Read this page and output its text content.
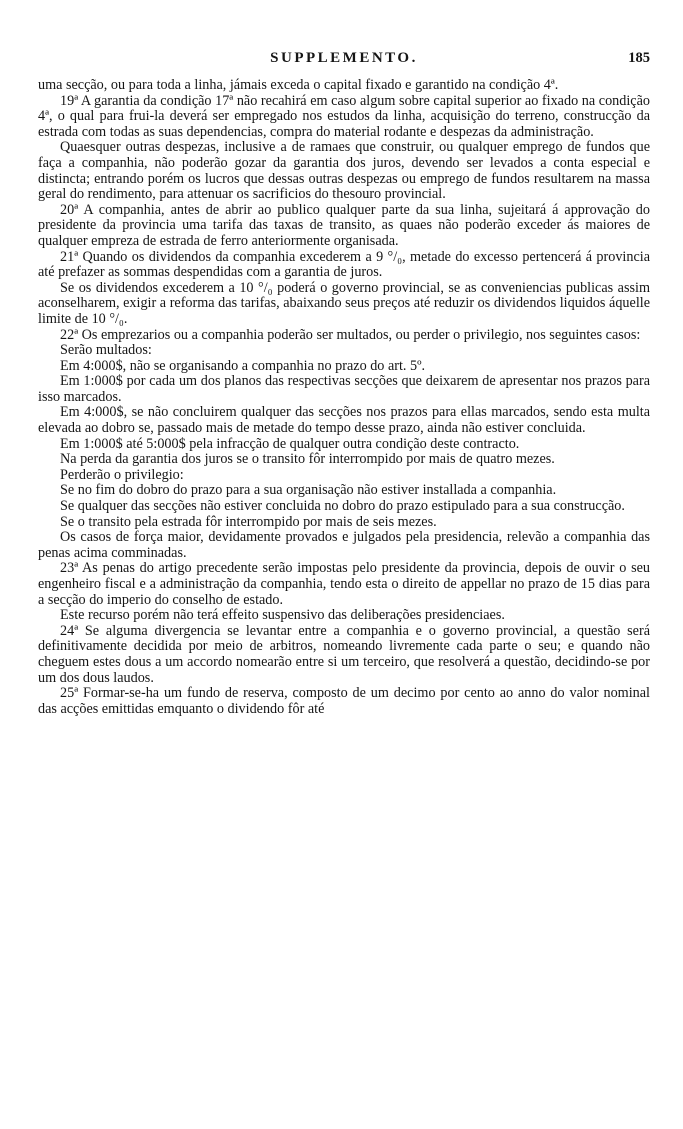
SUPPLEMENTO.	185

uma secção, ou para toda a linha, jámais exceda o capital fixado e garantido na condição 4ª.

19ª A garantia da condição 17ª não recahirá em caso algum sobre capital superior ao fixado na condição 4ª, o qual para frui-la deverá ser empregado nos estudos da linha, acquisição do terreno, construcção da estrada com todas as suas dependencias, compra do material rodante e despezas da administração.

Quaesquer outras despezas, inclusive a de ramaes que construir, ou qualquer emprego de fundos que faça a companhia, não poderão gozar da garantia dos juros, devendo ser levados a conta especial e distincta; entrando porém os lucros que dessas outras despezas ou emprego de fundos resultarem na massa geral do rendimento, para attenuar os sacrificios do thesouro provincial.

20ª A companhia, antes de abrir ao publico qualquer parte da sua linha, sujeitará á approvação do presidente da provincia uma tarifa das taxas de transito, as quaes não poderão exceder ás maiores de qualquer empreza de estrada de ferro anteriormente organisada.

21ª Quando os dividendos da companhia excederem a 9 °/₀, metade do excesso pertencerá á provincia até prefazer as sommas despendidas com a garantia de juros.

Se os dividendos excederem a 10 °/₀ poderá o governo provincial, se as conveniencias publicas assim aconselharem, exigir a reforma das tarifas, abaixando seus preços até reduzir os dividendos liquidos áquelle limite de 10 °/₀.

22ª Os emprezarios ou a companhia poderão ser multados, ou perder o privilegio, nos seguintes casos:

Serão multados:

Em 4:000$, não se organisando a companhia no prazo do art. 5º.

Em 1:000$ por cada um dos planos das respectivas secções que deixarem de apresentar nos prazos para isso marcados.

Em 4:000$, se não concluirem qualquer das secções nos prazos para ellas marcados, sendo esta multa elevada ao dobro se, passado mais de metade do tempo desse prazo, ainda não estiver concluida.

Em 1:000$ até 5:000$ pela infracção de qualquer outra condição deste contracto.

Na perda da garantia dos juros se o transito fôr interrompido por mais de quatro mezes.

Perderão o privilegio:

Se no fim do dobro do prazo para a sua organisação não estiver installada a companhia.

Se qualquer das secções não estiver concluida no dobro do prazo estipulado para a sua construcção.

Se o transito pela estrada fôr interrompido por mais de seis mezes.

Os casos de força maior, devidamente provados e julgados pela presidencia, relevão a companhia das penas acima comminadas.

23ª As penas do artigo precedente serão impostas pelo presidente da provincia, depois de ouvir o seu engenheiro fiscal e a administração da companhia, tendo esta o direito de appellar no prazo de 15 dias para a secção do imperio do conselho de estado.

Este recurso porém não terá effeito suspensivo das deliberações presidenciaes.

24ª Se alguma divergencia se levantar entre a companhia e o governo provincial, a questão será definitivamente decidida por meio de arbitros, nomeando livremente cada parte o seu; e quando não cheguem estes dous a um accordo nomearão entre si um terceiro, que resolverá a questão, decidindo-se por um dos dous laudos.

25ª Formar-se-ha um fundo de reserva, composto de um decimo por cento ao anno do valor nominal das acções emittidas emquanto o dividendo fôr até
